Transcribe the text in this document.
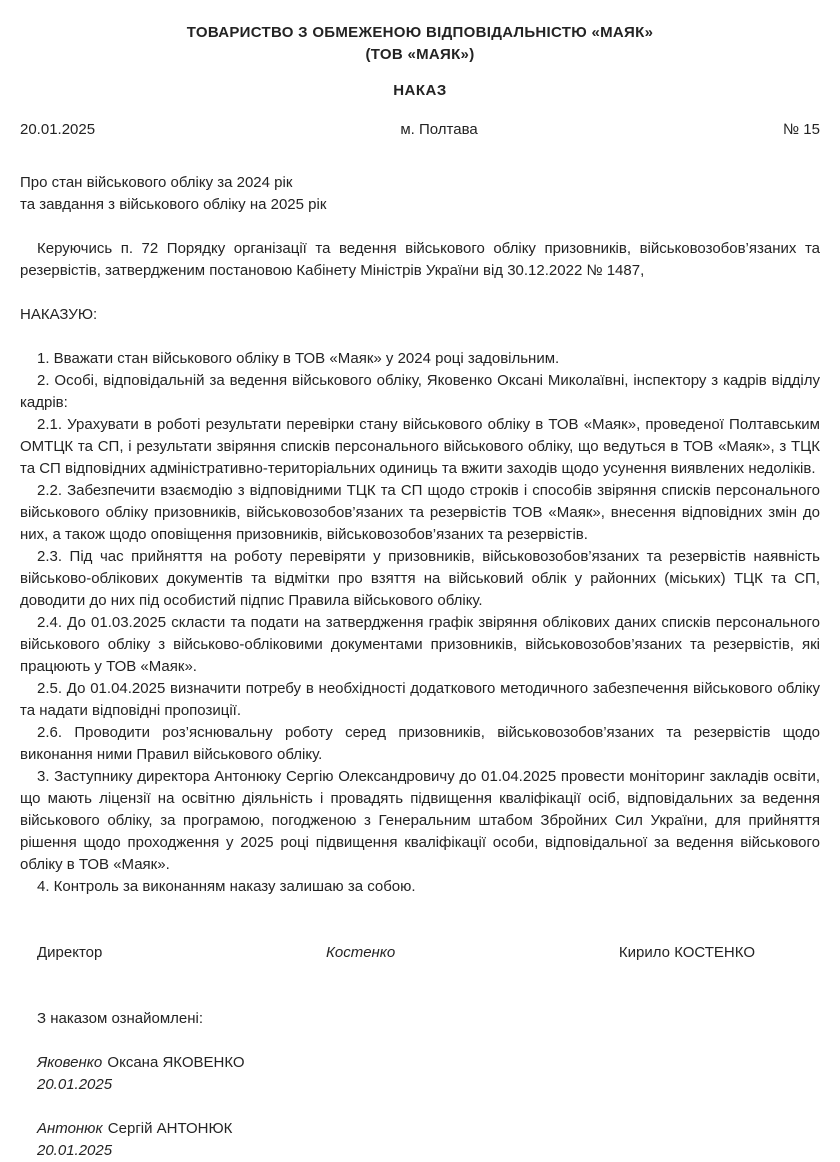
ТОВАРИСТВО З ОБМЕЖЕНОЮ ВІДПОВІДАЛЬНІСТЮ «МАЯК»
(ТОВ «МАЯК»)
НАКАЗ
20.01.2025	м. Полтава	№ 15
Про стан військового обліку за 2024 рік
та завдання з військового обліку на 2025 рік

Керуючись п. 72 Порядку організації та ведення військового обліку призовників, військовозобов’язаних та резервістів, затвердженим постановою Кабінету Міністрів України від 30.12.2022 № 1487,

НАКАЗУЮ:

1. Вважати стан військового обліку в ТОВ «Маяк» у 2024 році задовільним.

2. Особі, відповідальній за ведення військового обліку, Яковенко Оксані Миколаївні, інспектору з кадрів відділу кадрів:

2.1. Урахувати в роботі результати перевірки стану військового обліку в ТОВ «Маяк», проведеної Полтавським ОМТЦК та СП, і результати звіряння списків персонального військового обліку, що ведуться в ТОВ «Маяк», з ТЦК та СП відповідних адміністративно-територіальних одиниць та вжити заходів щодо усунення виявлених недоліків.

2.2. Забезпечити взаємодію з відповідними ТЦК та СП щодо строків і способів звіряння списків персонального військового обліку призовників, військовозобов’язаних та резервістів ТОВ «Маяк», внесення відповідних змін до них, а також щодо оповіщення призовників, військовозобов’язаних та резервістів.

2.3. Під час прийняття на роботу перевіряти у призовників, військовозобов’язаних та резервістів наявність військово-облікових документів та відмітки про взяття на військовий облік у районних (міських) ТЦК та СП, доводити до них під особистий підпис Правила військового обліку.

2.4. До 01.03.2025 скласти та подати на затвердження графік звіряння облікових даних списків персонального військового обліку з військово-обліковими документами призовників, військовозобов’язаних та резервістів, які працюють у ТОВ «Маяк».

2.5. До 01.04.2025 визначити потребу в необхідності додаткового методичного забезпечення військового обліку та надати відповідні пропозиції.

2.6. Проводити роз’яснювальну роботу серед призовників, військовозобов’язаних та резервістів щодо виконання ними Правил військового обліку.

3. Заступнику директора Антонюку Сергію Олександровичу до 01.04.2025 провести моніторинг закладів освіти, що мають ліцензії на освітню діяльність і провадять підвищення кваліфікації осіб, відповідальних за ведення військового обліку, за програмою, погодженою з Генеральним штабом Збройних Сил України, для прийняття рішення щодо проходження у 2025 році підвищення кваліфікації особи, відповідальної за ведення військового обліку в ТОВ «Маяк».

4. Контроль за виконанням наказу залишаю за собою.

Директор	Костенко	Кирило КОСТЕНКО
З наказом ознайомлені:
Яковенко Оксана ЯКОВЕНКО
20.01.2025
Антонюк Сергій АНТОНЮК
20.01.2025
